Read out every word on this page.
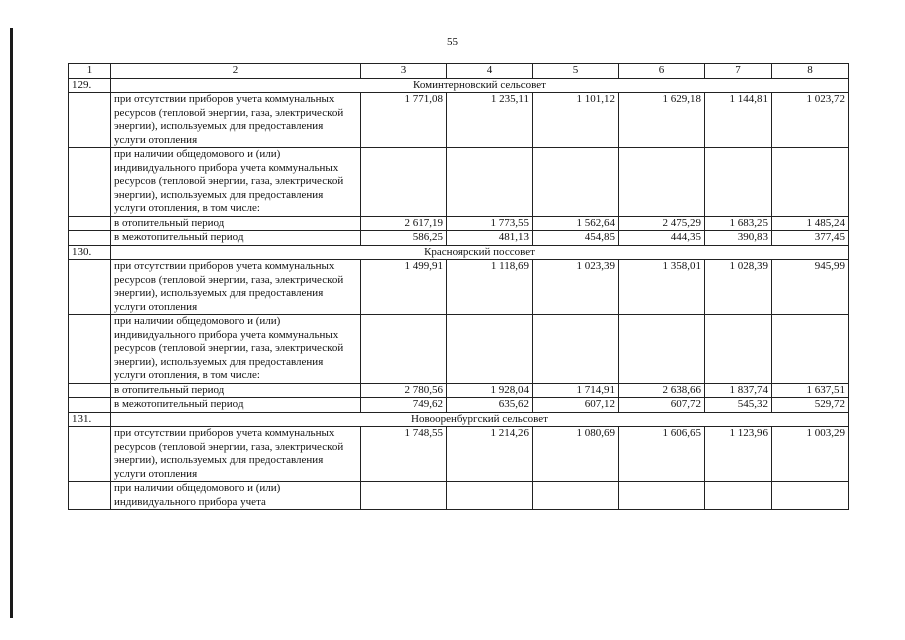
55
1	2	3	4	5	6	7	8
129.	Коминтерновский сельсовет						
	при отсутствии приборов учета коммунальных ресурсов (тепловой энергии, газа, электрической энергии), используемых для предоставления услуги отопления	1 771,08	1 235,11	1 101,12	1 629,18	1 144,81	1 023,72
	при наличии общедомового и (или) индивидуального прибора учета коммунальных ресурсов (тепловой энергии, газа, электрической энергии), используемых для предоставления услуги отопления, в том числе:						
	в отопительный период	2 617,19	1 773,55	1 562,64	2 475,29	1 683,25	1 485,24
	в межотопительный период	586,25	481,13	454,85	444,35	390,83	377,45
130.	Красноярский поссовет						
	при отсутствии приборов учета коммунальных ресурсов (тепловой энергии, газа, электрической энергии), используемых для предоставления услуги отопления	1 499,91	1 118,69	1 023,39	1 358,01	1 028,39	945,99
	при наличии общедомового и (или) индивидуального прибора учета коммунальных ресурсов (тепловой энергии, газа, электрической энергии), используемых для предоставления услуги отопления, в том числе:						
	в отопительный период	2 780,56	1 928,04	1 714,91	2 638,66	1 837,74	1 637,51
	в межотопительный период	749,62	635,62	607,12	607,72	545,32	529,72
131.	Новооренбургский сельсовет						
	при отсутствии приборов учета коммунальных ресурсов (тепловой энергии, газа, электрической энергии), используемых для предоставления услуги отопления	1 748,55	1 214,26	1 080,69	1 606,65	1 123,96	1 003,29
	при наличии общедомового и (или) индивидуального прибора учета						
